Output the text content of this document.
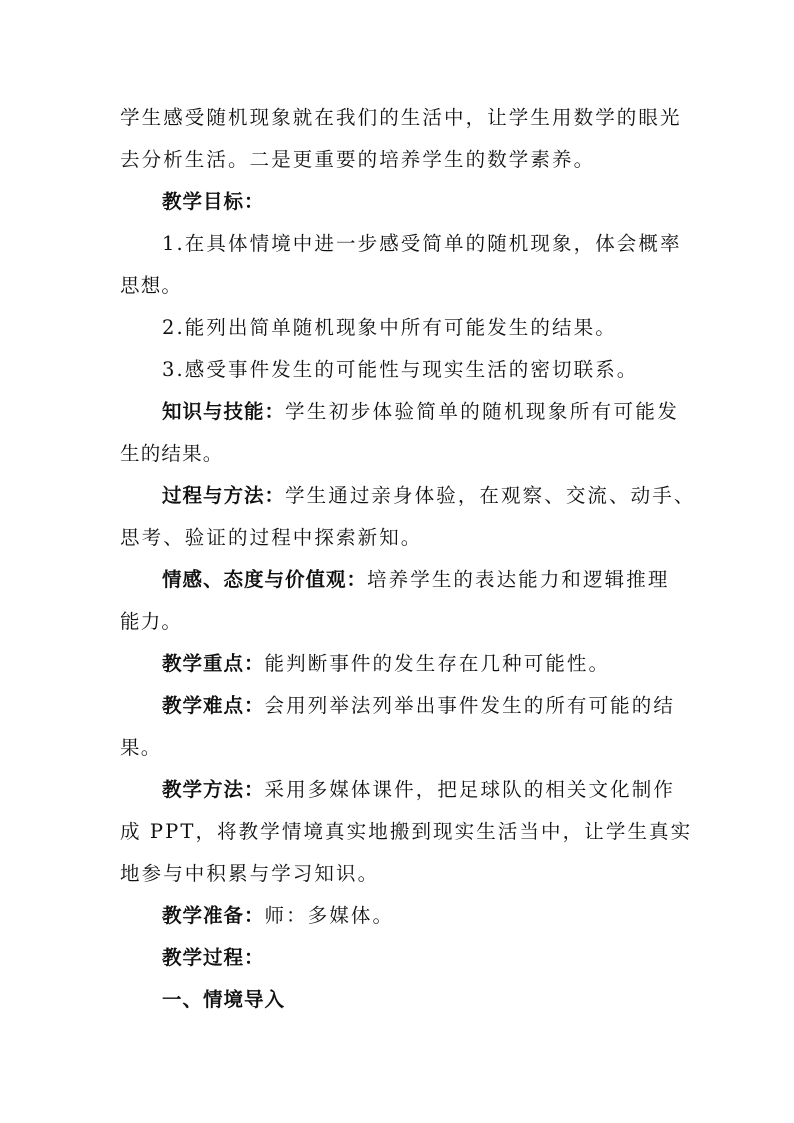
学生感受随机现象就在我们的生活中，让学生用数学的眼光
去分析生活。二是更重要的培养学生的数学素养。
教学目标：
1.在具体情境中进一步感受简单的随机现象，体会概率
思想。
2.能列出简单随机现象中所有可能发生的结果。
3.感受事件发生的可能性与现实生活的密切联系。
知识与技能：学生初步体验简单的随机现象所有可能发
生的结果。
过程与方法：学生通过亲身体验，在观察、交流、动手、
思考、验证的过程中探索新知。
情感、态度与价值观：培养学生的表达能力和逻辑推理
能力。
教学重点：能判断事件的发生存在几种可能性。
教学难点：会用列举法列举出事件发生的所有可能的结
果。
教学方法：采用多媒体课件，把足球队的相关文化制作
成 PPT，将教学情境真实地搬到现实生活当中，让学生真实
地参与中积累与学习知识。
教学准备：师：多媒体。
教学过程：
一、情境导入
